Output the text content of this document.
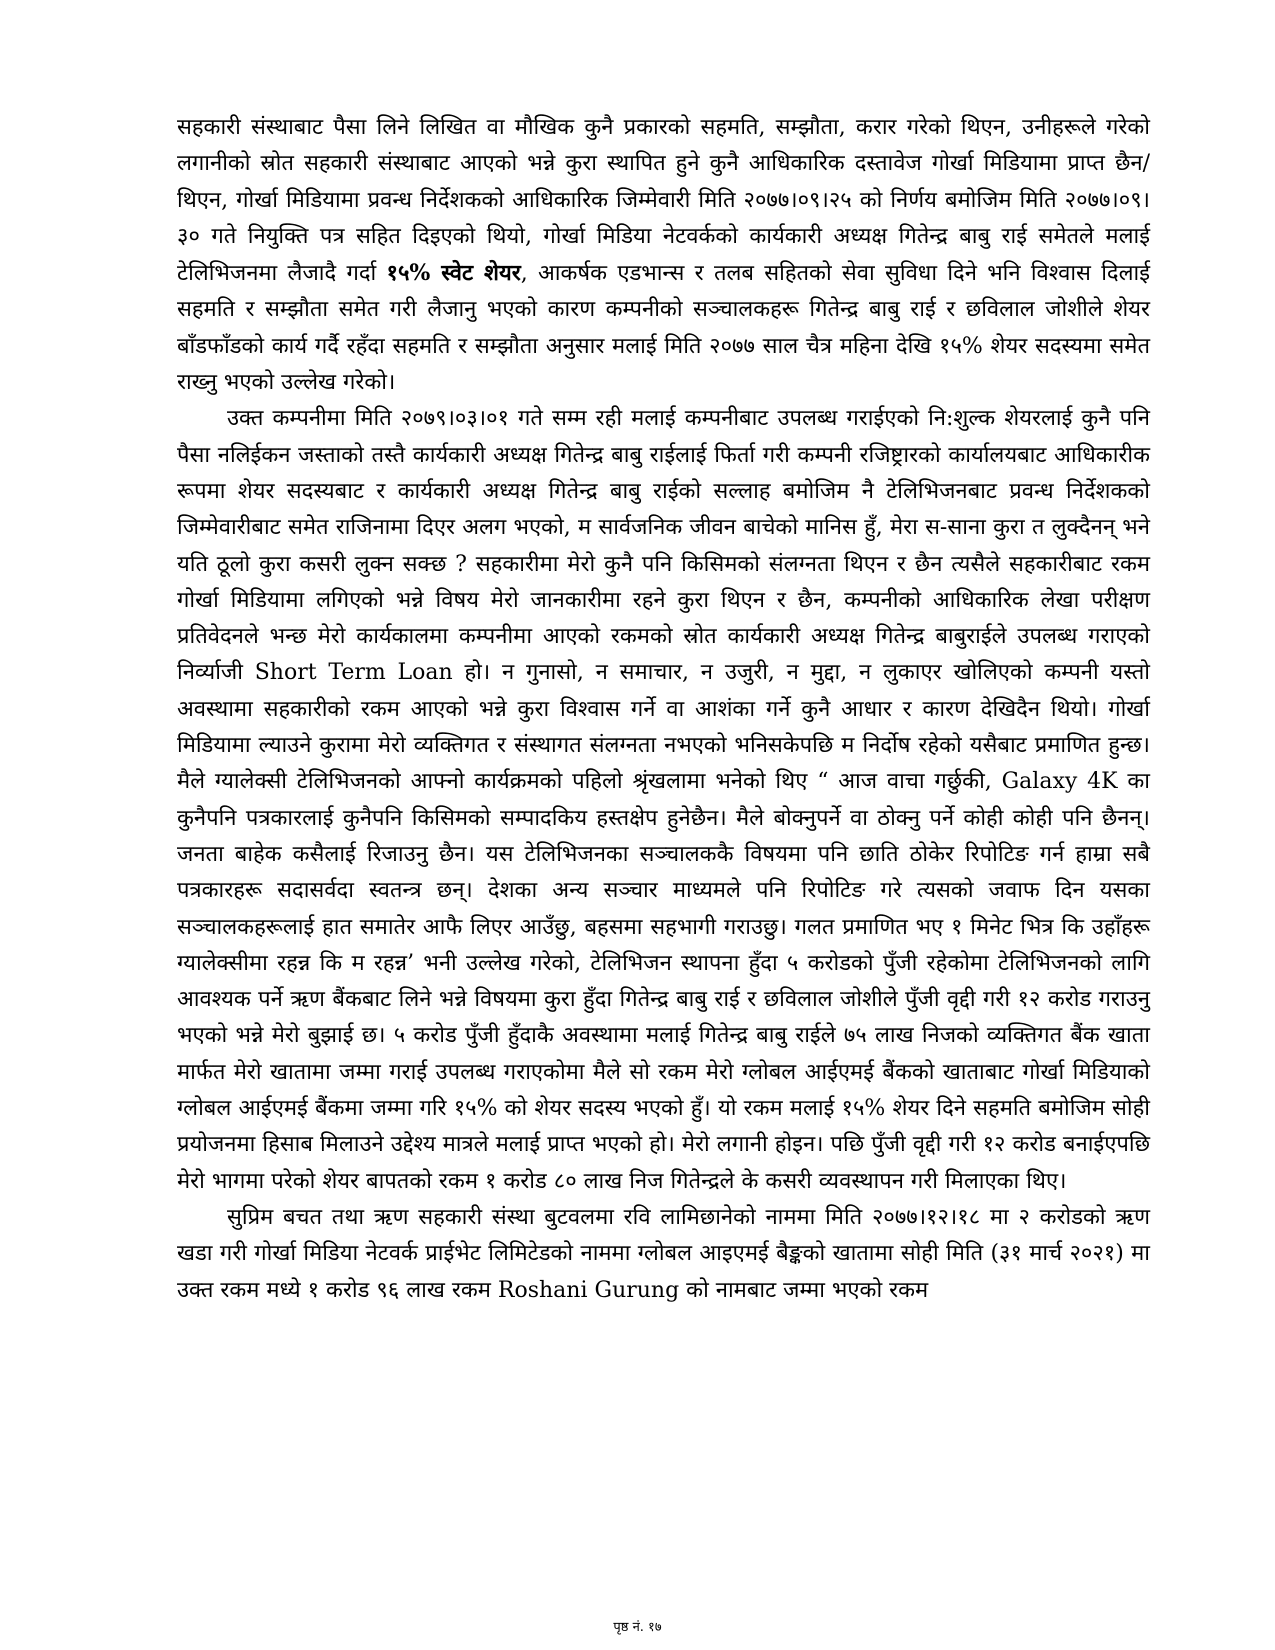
सहकारी संस्थाबाट पैसा लिने लिखित वा मौखिक कुनै प्रकारको सहमति, सम्झौता, करार गरेको थिएन, उनीहरूले गरेको लगानीको स्रोत सहकारी संस्थाबाट आएको भन्ने कुरा स्थापित हुने कुनै आधिकारिक दस्तावेज गोर्खा मिडियामा प्राप्त छैन/थिएन, गोर्खा मिडियामा प्रवन्ध निर्देशकको आधिकारिक जिम्मेवारी मिति २०७७।०९।२५ को निर्णय बमोजिम मिति २०७७।०९।३० गते नियुक्ति पत्र सहित दिइएको थियो, गोर्खा मिडिया नेटवर्कको कार्यकारी अध्यक्ष गितेन्द्र बाबु राई समेतले मलाई टेलिभिजनमा लैजादै गर्दा १५% स्वेट शेयर, आकर्षक एडभान्स र तलब सहितको सेवा सुविधा दिने भनि विश्वास दिलाई सहमति र सम्झौता समेत गरी लैजानु भएको कारण कम्पनीको सञ्चालकहरू गितेन्द्र बाबु राई र छविलाल जोशीले शेयर बाँडफाँडको कार्य गर्दै रहँदा सहमति र सम्झौता अनुसार मलाई मिति २०७७ साल चैत्र महिना देखि १५% शेयर सदस्यमा समेत राख्नु भएको उल्लेख गरेको।

उक्त कम्पनीमा मिति २०७९।०३।०१ गते सम्म रही मलाई कम्पनीबाट उपलब्ध गराईएको नि:शुल्क शेयरलाई कुनै पनि पैसा नलिईकन जस्ताको तस्तै कार्यकारी अध्यक्ष गितेन्द्र बाबु राईलाई फिर्ता गरी कम्पनी रजिष्ट्रारको कार्यालयबाट आधिकारीक रूपमा शेयर सदस्यबाट र कार्यकारी अध्यक्ष गितेन्द्र बाबु राईको सल्लाह बमोजिम नै टेलिभिजनबाट प्रवन्ध निर्देशकको जिम्मेवारीबाट समेत राजिनामा दिएर अलग भएको, म सार्वजनिक जीवन बाचेको मानिस हुँ, मेरा स-साना कुरा त लुक्दैनन् भने यति ठूलो कुरा कसरी लुक्न सक्छ ? सहकारीमा मेरो कुनै पनि किसिमको संलग्नता थिएन र छैन त्यसैले सहकारीबाट रकम गोर्खा मिडियामा लगिएको भन्ने विषय मेरो जानकारीमा रहने कुरा थिएन र छैन, कम्पनीको आधिकारिक लेखा परीक्षण प्रतिवेदनले भन्छ मेरो कार्यकालमा कम्पनीमा आएको रकमको स्रोत कार्यकारी अध्यक्ष गितेन्द्र बाबुराईले उपलब्ध गराएको निर्व्याजी Short Term Loan हो। न गुनासो, न समाचार, न उजुरी, न मुद्दा, न लुकाएर खोलिएको कम्पनी यस्तो अवस्थामा सहकारीको रकम आएको भन्ने कुरा विश्वास गर्ने वा आशंका गर्ने कुनै आधार र कारण देखिदैन थियो। गोर्खा मिडियामा ल्याउने कुरामा मेरो व्यक्तिगत र संस्थागत संलग्नता नभएको भनिसकेपछि म निर्दोष रहेको यसैबाट प्रमाणित हुन्छ। मैले ग्यालेक्सी टेलिभिजनको आफ्नो कार्यक्रमको पहिलो श्रृंखलामा भनेको थिए “ आज वाचा गर्छुकी, Galaxy 4K का कुनैपनि पत्रकारलाई कुनैपनि किसिमको सम्पादकिय हस्तक्षेप हुनेछैन। मैले बोक्नुपर्ने वा ठोक्नु पर्ने कोही कोही पनि छैनन्। जनता बाहेक कसैलाई रिजाउनु छैन। यस टेलिभिजनका सञ्चालककै विषयमा पनि छाति ठोकेर रिपोटिङ गर्न हाम्रा सबै पत्रकारहरू सदासर्वदा स्वतन्त्र छन्। देशका अन्य सञ्चार माध्यमले पनि रिपोटिङ गरे त्यसको जवाफ दिन यसका सञ्चालकहरूलाई हात समातेर आफै लिएर आउँछु, बहसमा सहभागी गराउछु। गलत प्रमाणित भए १ मिनेट भित्र कि उहाँहरू ग्यालेक्सीमा रहन्न कि म रहन्न’ भनी उल्लेख गरेको, टेलिभिजन स्थापना हुँदा ५ करोडको पुँजी रहेकोमा टेलिभिजनको लागि आवश्यक पर्ने ऋण बैंकबाट लिने भन्ने विषयमा कुरा हुँदा गितेन्द्र बाबु राई र छविलाल जोशीले पुँजी वृद्दी गरी १२ करोड गराउनु भएको भन्ने मेरो बुझाई छ। ५ करोड पुँजी हुँदाकै अवस्थामा मलाई गितेन्द्र बाबु राईले ७५ लाख निजको व्यक्तिगत बैंक खाता मार्फत मेरो खातामा जम्मा गराई उपलब्ध गराएकोमा मैले सो रकम मेरो ग्लोबल आईएमई बैंकको खाताबाट गोर्खा मिडियाको ग्लोबल आईएमई बैंकमा जम्मा गरि १५% को शेयर सदस्य भएको हुँ। यो रकम मलाई १५% शेयर दिने सहमति बमोजिम सोही प्रयोजनमा हिसाब मिलाउने उद्देश्य मात्रले मलाई प्राप्त भएको हो। मेरो लगानी होइन। पछि पुँजी वृद्दी गरी १२ करोड बनाईएपछि मेरो भागमा परेको शेयर बापतको रकम १ करोड ८० लाख निज गितेन्द्रले के कसरी व्यवस्थापन गरी मिलाएका थिए।

सुप्रिम बचत तथा ऋण सहकारी संस्था बुटवलमा रवि लामिछानेको नाममा मिति २०७७।१२।१८ मा २ करोडको ऋण खडा गरी गोर्खा मिडिया नेटवर्क प्राईभेट लिमिटेडको नाममा ग्लोबल आइएमई बैङ्कको खातामा सोही मिति (३१ मार्च २०२१) मा उक्त रकम मध्ये १ करोड ९६ लाख रकम Roshani Gurung को नामबाट जम्मा भएको रकम

पृष्ठ नं. १७
